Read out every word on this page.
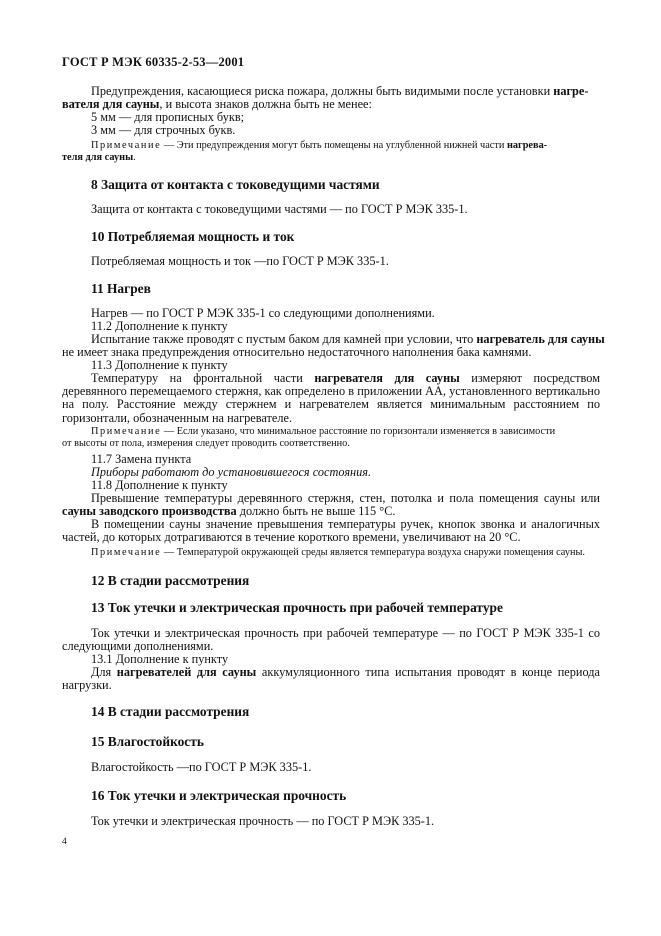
ГОСТ Р МЭК 60335-2-53—2001
Предупреждения, касающиеся риска пожара, должны быть видимыми после установки нагре-
вателя для сауны, и высота знаков должна быть не менее:
5 мм — для прописных букв;
3 мм — для строчных букв.
Примечание — Эти предупреждения могут быть помещены на углубленной нижней части нагрева-
теля для сауны.
8 Защита от контакта с токоведущими частями
Защита от контакта с токоведущими частями — по ГОСТ Р МЭК 335-1.
10 Потребляемая мощность и ток
Потребляемая мощность и ток —по ГОСТ Р МЭК 335-1.
11 Нагрев
Нагрев — по ГОСТ Р МЭК 335-1 со следующими дополнениями.
11.2 Дополнение к пункту
Испытание также проводят с пустым баком для камней при условии, что нагреватель для сауны
не имеет знака предупреждения относительно недостаточного наполнения бака камнями.
11.3 Дополнение к пункту
Температуру на фронтальной части нагревателя для сауны измеряют посредством деревянного перемещаемого стержня, как определено в приложении АА, установленного вертикально на полу. Расстояние между стержнем и нагревателем является минимальным расстоянием по горизонтали, обозначенным на нагревателе.
Примечание — Если указано, что минимальное расстояние по горизонтали изменяется в зависимости
от высоты от пола, измерения следует проводить соответственно.
11.7 Замена пункта
Приборы работают до установившегося состояния.
11.8 Дополнение к пункту
Превышение температуры деревянного стержня, стен, потолка и пола помещения сауны или сауны заводского производства должно быть не выше 115 °С.
В помещении сауны значение превышения температуры ручек, кнопок звонка и аналогичных частей, до которых дотрагиваются в течение короткого времени, увеличивают на 20 °С.
Примечание — Температурой окружающей среды является температура воздуха снаружи помещения сауны.
12 В стадии рассмотрения
13 Ток утечки и электрическая прочность при рабочей температуре
Ток утечки и электрическая прочность при рабочей температуре — по ГОСТ Р МЭК 335-1 со следующими дополнениями.
13.1 Дополнение к пункту
Для нагревателей для сауны аккумуляционного типа испытания проводят в конце периода нагрузки.
14 В стадии рассмотрения
15 Влагостойкость
Влагостойкость —по ГОСТ Р МЭК 335-1.
16 Ток утечки и электрическая прочность
Ток утечки и электрическая прочность — по ГОСТ Р МЭК 335-1.
4
